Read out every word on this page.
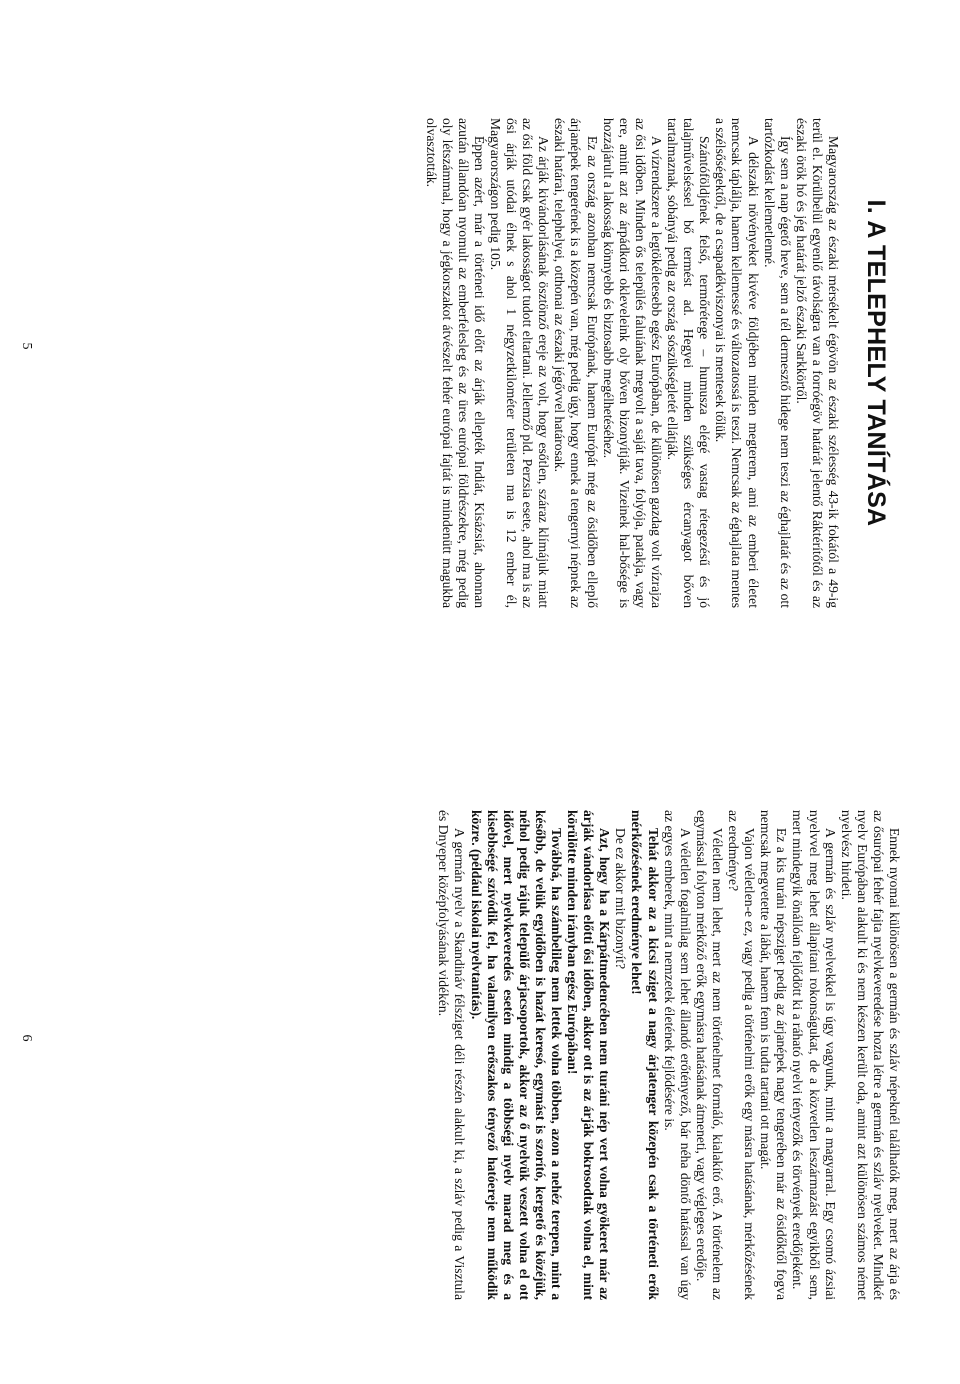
I. A TELEPHELY TANÍTÁSA

Magyarország az északi mérsékelt égövön az északi szélesség 43-ik fokától a 49-ig terül el. Körülbelül egyenlő távolságra van a forróégöv határát jelentő Ráktérítőtől és az északi örök hó és jég határát jelző északi Sarkkörtől.

Így sem a nap égető heve, sem a tél dermesztő hidege nem teszi az éghajlatát és az ott tartózkodást kellemetlenné.

A délszaki növényeket kivéve földjében minden megterem, ami az emberi életet nemcsak táplálja, hanem kellemessé és változatossá is teszi. Nemcsak az éghajlata mentes a szélsőségektől, de a csapadékviszonyai is mentesek tőlük.

Szántóföldjének felső, termőrétege – humusza elégé vastag rétegezésű és jó talajművelséssel bő termést ad. Hegyei minden szükséges ércanyagot bőven tartalmaznak, sóbányái pedig az ország sószükségletét ellátják.

A vízrendszere a legtökéletesebb egész Európában, de különösen gazdag volt vízrajza az ősi időben. Minden ős település faluiának megvolt a saját tava, folyója, patakja, vagy ere, amint azt az árpádkori okleveleink oly bőven bizonyítják. Vizeinek hal-bősége is hozzájárult a lakosság könnyebb és biztosabb megélhetéséhez.

Ez az ország azonban nemcsak Európának, hanem Európát még az ősidőben elleplő árjanépek tengerének is a közepén van, még pedig úgy, hogy ennek a tengernyi népnek az északi határai, telephelyei, otthonai az északi jégővvel határosak.

Az árják kivándorlásának ösztönző ereje az volt, hogy esőtlen, száraz klímájuk miatt az ősi föld csak gyér lakosságot tudott eltartani. Jellemző pld. Perzsia esete, ahol ma is az ősi árják utódai élnek s ahol 1 négyzetkilométer területen ma is 12 ember él, Magyarországon pedig 105.

Éppen azért, már a történeti idő előtt az árják ellepték Indiát, Kisázsiát, ahonnan azután állandóan nyomult az emberfelesleg és az üres európai földrészekre, még pedig oly létszámmal, hogy a jégkorszakot átvészelt fehér európai fajtát is mindenütt magukba olvasztották.

5

Ennek nyomai különösen a germán és szláv népeknél találhatók meg, mert az árja és az ősurópai fehér fajta nyelvkeveredése hozta létre a germán és szláv nyelveket. Mindkét nyelv Európában alakult ki és nem készen került oda, amint azt különösen számos német nyelvész hirdeti.

A germán és szláv nyelvekkel is úgy vagyunk, mint a magyarral. Egy csomó ázsiai nyelvvel meg lehet állapítani rokonságukat, de a közvetlen leszármazást egyikből sem, mert mindegyik önállóan fejlődött ki a ráható nyelvi tényezők és törvények eredőjeként.

Ez a kis turáni népsziget pedig az árjanépek nagy tengerében már az ősidőktől fogva nemcsak megvetette a lábát, hanem fenn is tudta tartani ott magát.

Vajon véletlen-e ez, vagy pedig a történelmi erők egy másra hatásának, mérkőzésének az eredménye?

Véletlen nem lehet, mert az nem történelmet formáló, kialakító erő. A történelem az egymással folyton mérkőző erők egymásra hatásának átmeneti, vagy végleges eredője.

A véletlen fogalmilag sem lehet állandó erőtényező, bár néha döntő hatással van úgy az egyes emberek, mint a nemzetek életének fejlődésére is.

Tehát akkor az a kicsi sziget a nagy árjatenger közepén csak a történeti erők mérkőzésének eredménye lehet!

De ez akkor mit bizonyít?

Azt, hogy ha a Kárpátmedencében nem turáni nép vert volna gyökeret már az árják vándorlása előtti ősi időben, akkor ott is az árják bokrosodtak volna el, mint körülötte minden irányban egész Európában!

Továbbá, ha számbelileg nem lettek volna többen, azon a nehéz terepen, mint a később, de velük egyidőben is hazát keresó, egymást is szorító, kergető és közéjük, néhol pedig rájuk települő árjacsoportok, akkor az ő nyelvük veszett volna el ott idővel, mert nyelvkeveredés esetén mindig a többségi nyelv marad meg és a kisebbségé szívódik fel, ha valamilyen erőszakos tényező hatóereje nem működik közre. (például iskolai nyelvtanítás).

A germán nyelv a Skandináv félsziget déli részén alakult ki, a szláv pedig a Visztula és Dnyeper középfolyásának vidékén.

6
